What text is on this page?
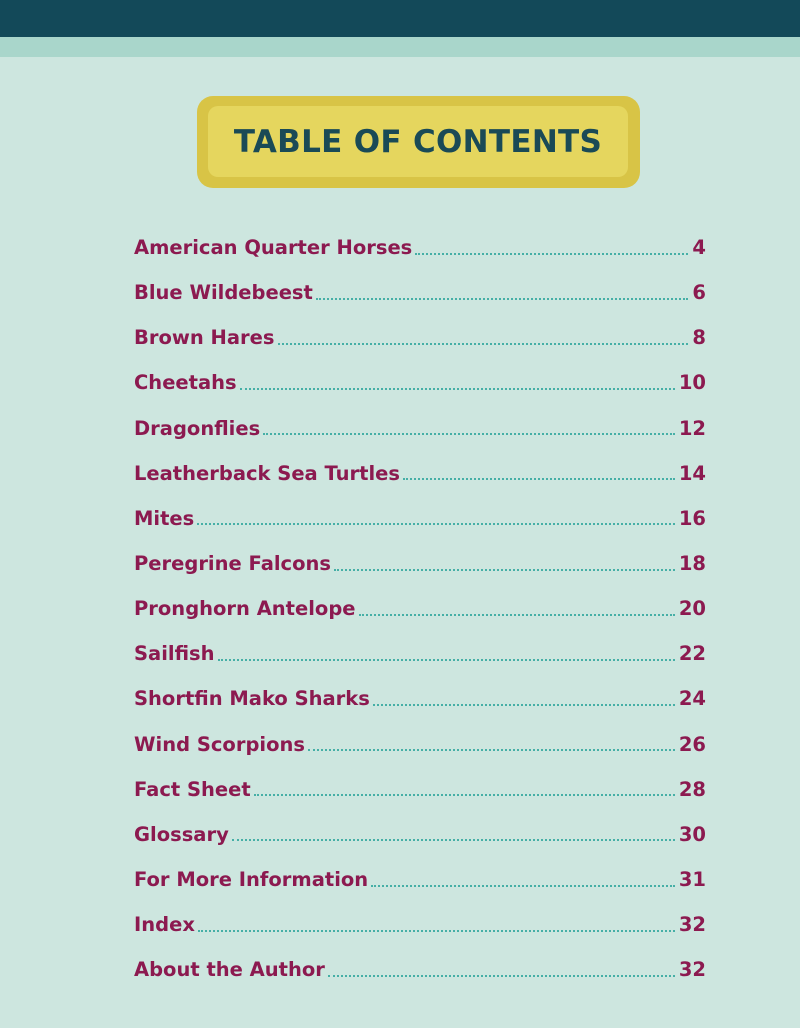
TABLE OF CONTENTS
American Quarter Horses	4
Blue Wildebeest	6
Brown Hares	8
Cheetahs	10
Dragonflies	12
Leatherback Sea Turtles	14
Mites	16
Peregrine Falcons	18
Pronghorn Antelope	20
Sailfish	22
Shortfin Mako Sharks	24
Wind Scorpions	26
Fact Sheet	28
Glossary	30
For More Information	31
Index	32
About the Author	32
